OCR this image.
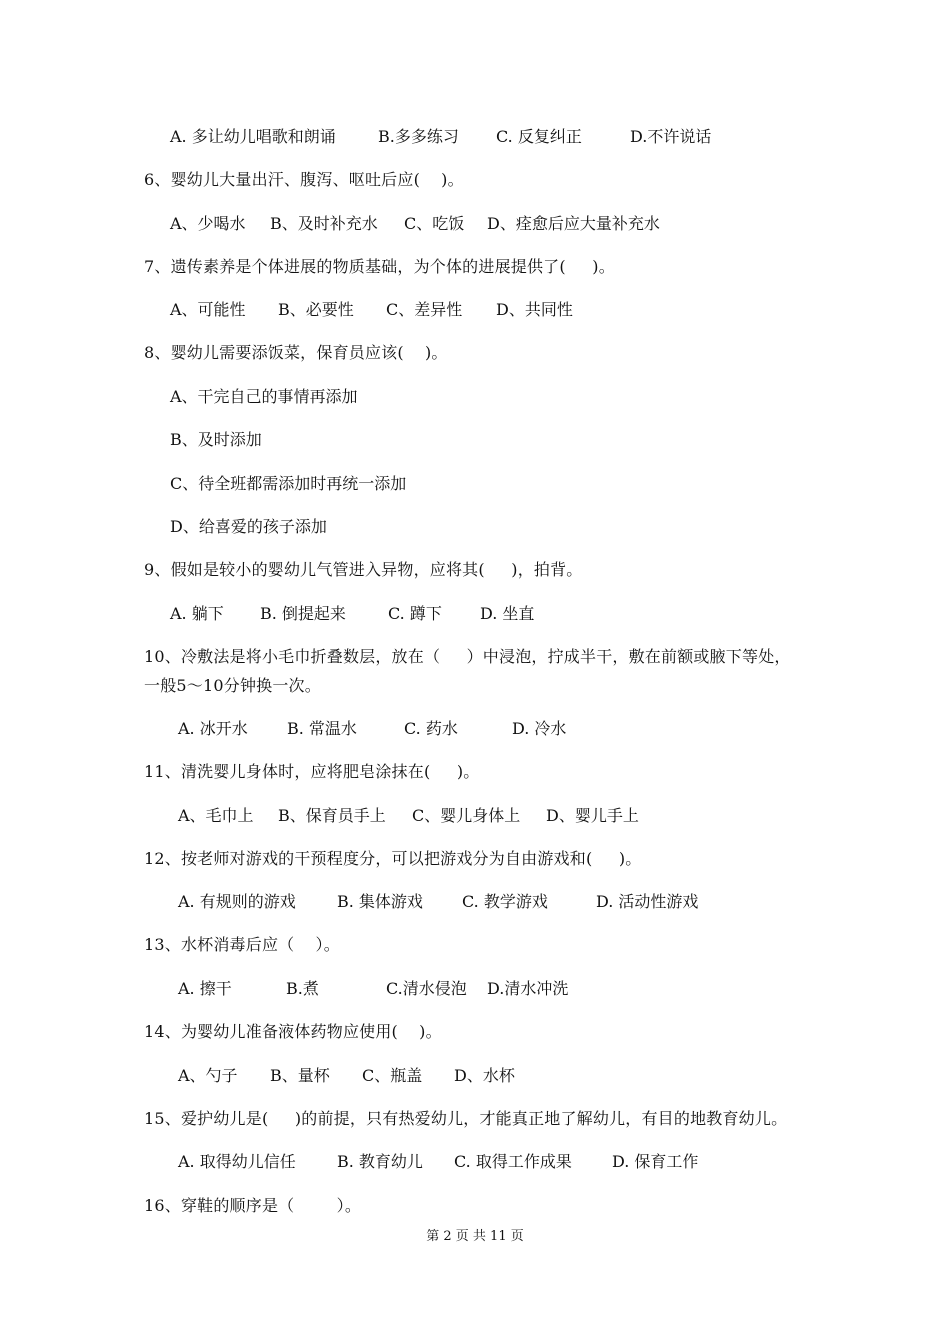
A. 多让幼儿唱歌和朗诵	B.多多练习 C. 反复纠正	D.不许说话
6、婴幼儿大量出汗、腹泻、呕吐后应(    )。
A、少喝水 B、及时补充水 C、吃饭 D、痊愈后应大量补充水
7、遗传素养是个体进展的物质基础，为个体的进展提供了(     )。
A、可能性 B、必要性 C、差异性 D、共同性
8、婴幼儿需要添饭菜，保育员应该(    )。
A、干完自己的事情再添加
B、及时添加
C、待全班都需添加时再统一添加
D、给喜爱的孩子添加
9、假如是较小的婴幼儿气管进入异物，应将其(     )，拍背。
A. 躺下 B. 倒提起来	C. 蹲下 D. 坐直
10、冷敷法是将小毛巾折叠数层，放在（     ）中浸泡，拧成半干，敷在前额或腋下等处，
一般5～10分钟换一次。
A. 冰开水 B. 常温水	C. 药水	D. 冷水
11、清洗婴儿身体时，应将肥皂涂抹在(     )。
A、毛巾上 B、保育员手上 C、婴儿身体上 D、婴儿手上
12、按老师对游戏的干预程度分，可以把游戏分为自由游戏和(     )。
A. 有规则的游戏	B. 集体游戏 C. 教学游戏	D. 活动性游戏
13、水杯消毒后应（    ）。
A. 擦干	B.煮	C.清水侵泡 D.清水冲洗
14、为婴幼儿准备液体药物应使用(    )。
A、勺子 B、量杯 C、瓶盖 D、水杯
15、爱护幼儿是(     )的前提，只有热爱幼儿，才能真正地了解幼儿，有目的地教育幼儿。
A. 取得幼儿信任	B. 教育幼儿 C. 取得工作成果	D. 保育工作
16、穿鞋的顺序是（        ）。
第 2 页 共 11 页
